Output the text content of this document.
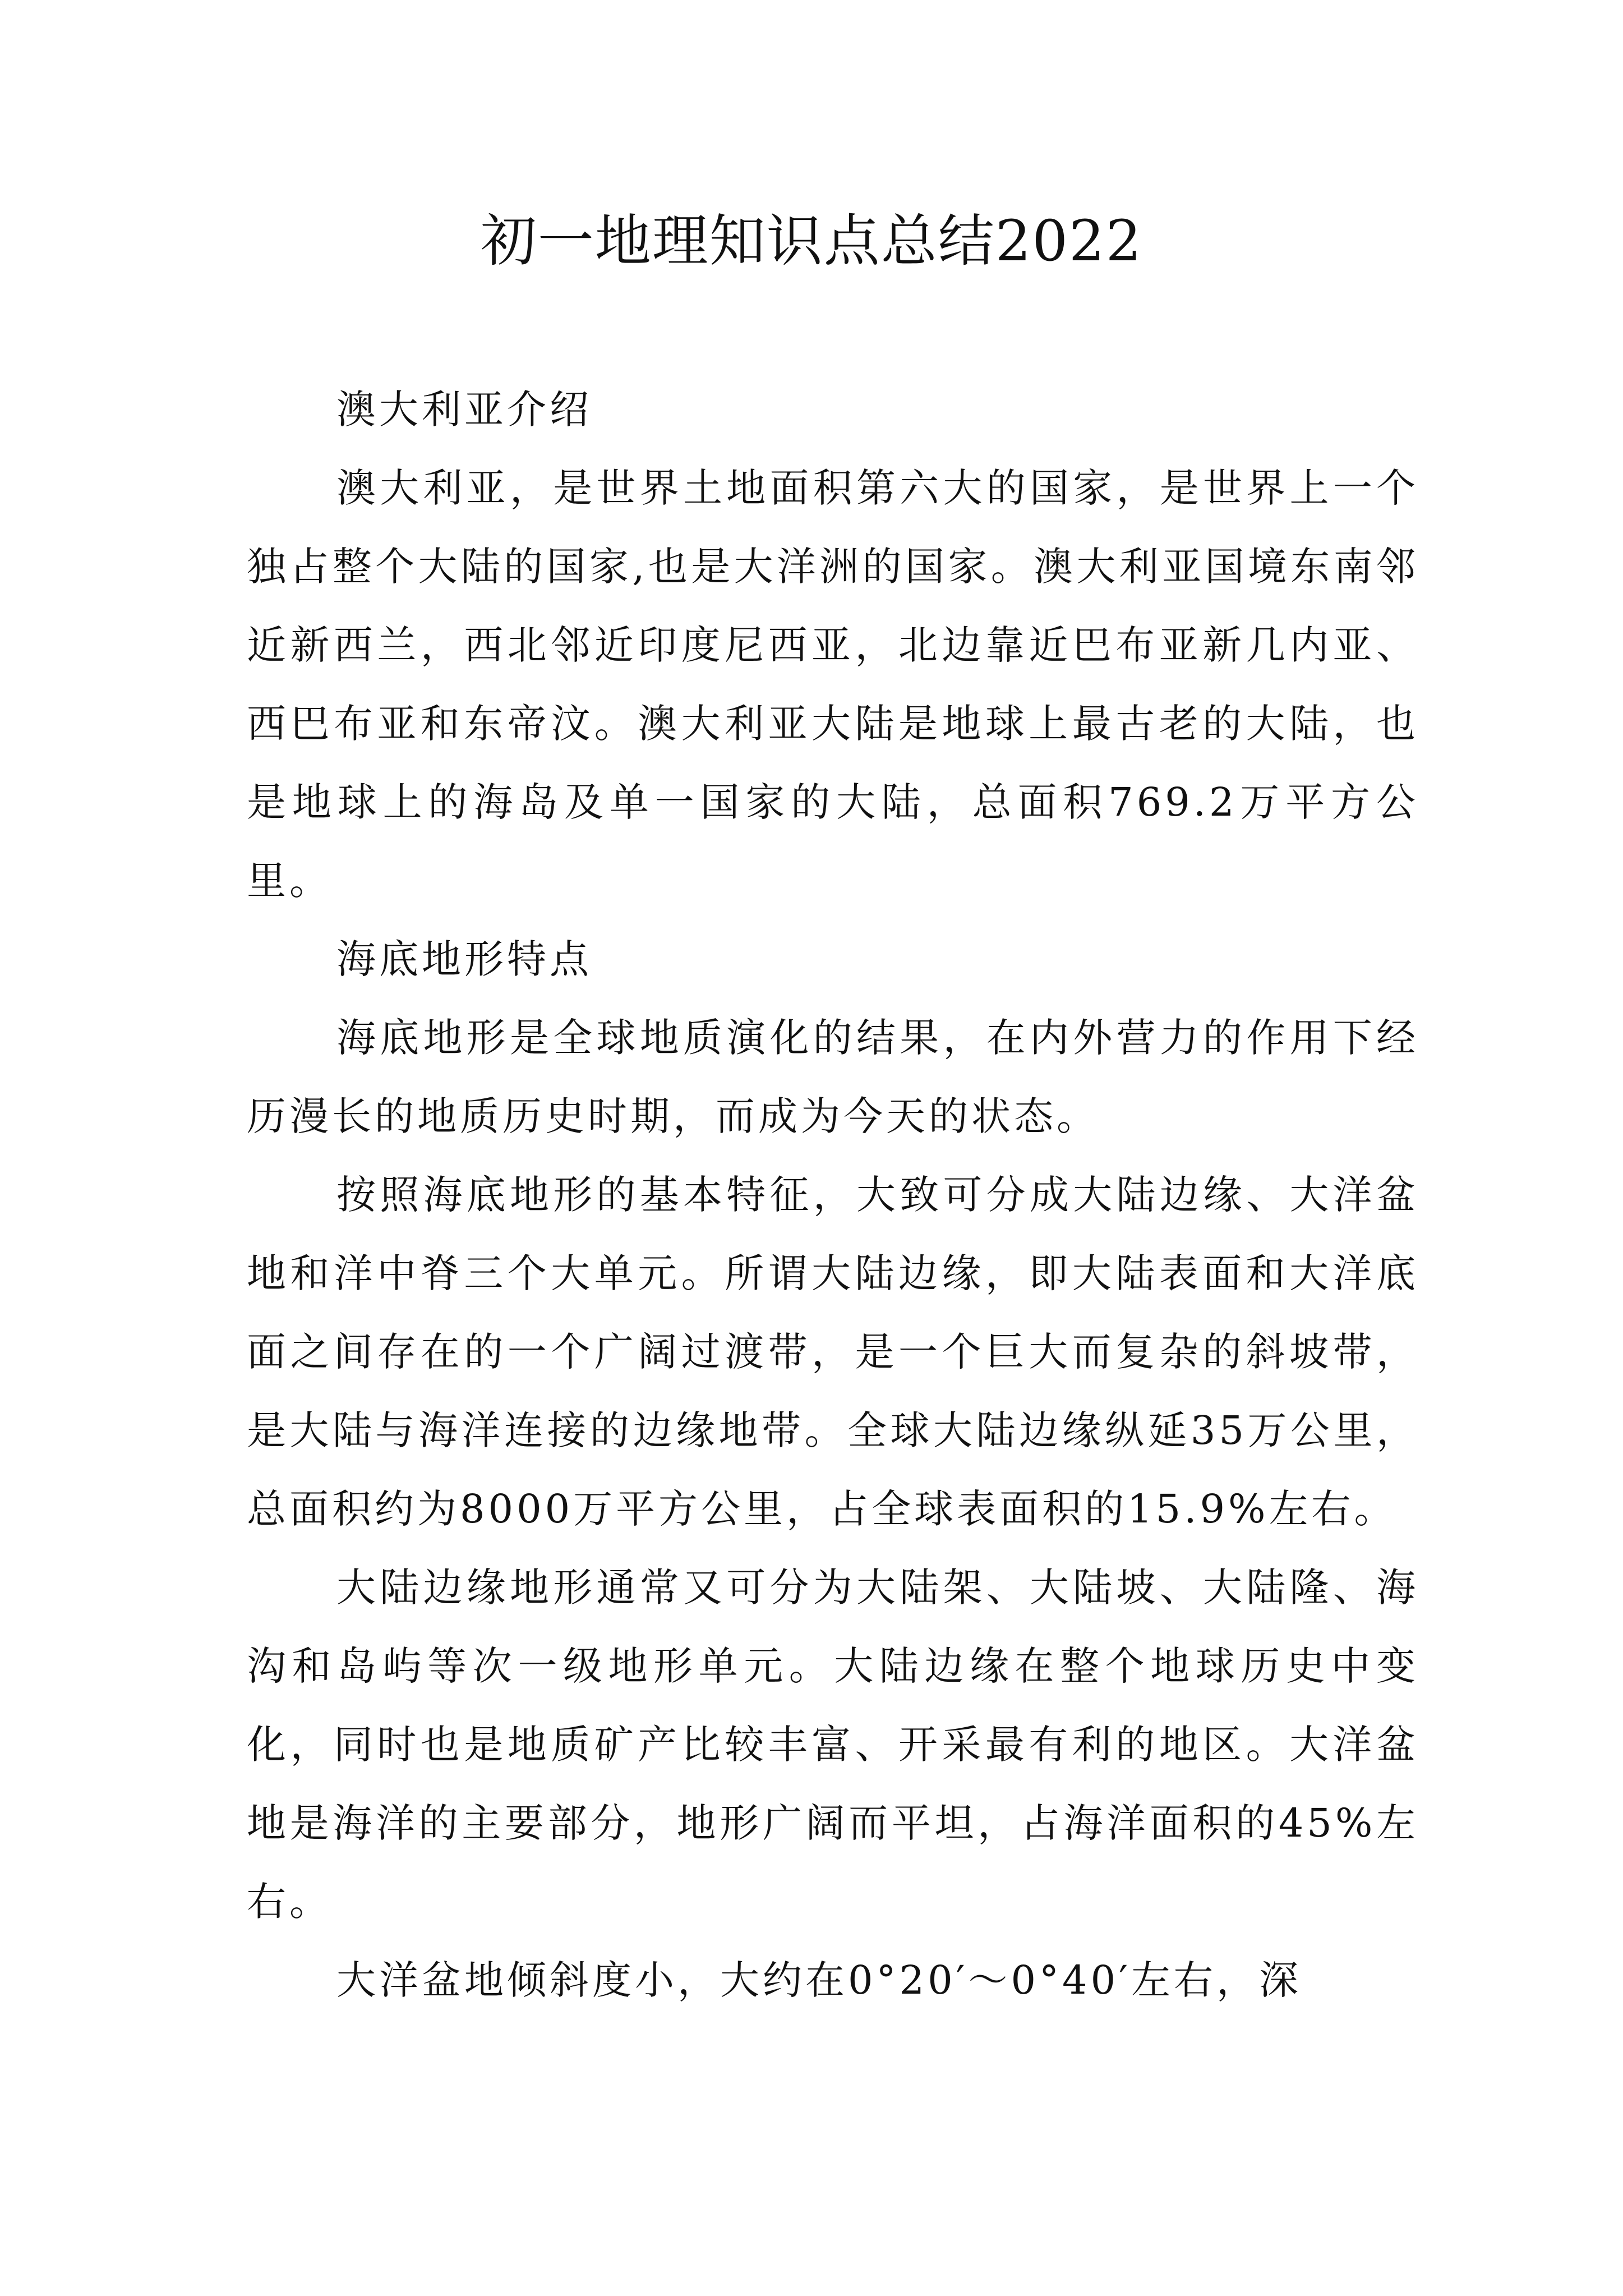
初一地理知识点总结2022

澳大利亚介绍

澳大利亚，是世界土地面积第六大的国家，是世界上一个独占整个大陆的国家,也是大洋洲的国家。澳大利亚国境东南邻近新西兰，西北邻近印度尼西亚，北边靠近巴布亚新几内亚、西巴布亚和东帝汶。澳大利亚大陆是地球上最古老的大陆，也是地球上的海岛及单一国家的大陆，总面积769.2万平方公里。

海底地形特点

海底地形是全球地质演化的结果，在内外营力的作用下经历漫长的地质历史时期，而成为今天的状态。

按照海底地形的基本特征，大致可分成大陆边缘、大洋盆地和洋中脊三个大单元。所谓大陆边缘，即大陆表面和大洋底面之间存在的一个广阔过渡带，是一个巨大而复杂的斜坡带，是大陆与海洋连接的边缘地带。全球大陆边缘纵延35万公里，总面积约为8000万平方公里，占全球表面积的15.9%左右。

大陆边缘地形通常又可分为大陆架、大陆坡、大陆隆、海沟和岛屿等次一级地形单元。大陆边缘在整个地球历史中变化，同时也是地质矿产比较丰富、开采最有利的地区。大洋盆地是海洋的主要部分，地形广阔而平坦，占海洋面积的45%左右。

大洋盆地倾斜度小，大约在0°20′～0°40′左右，深
